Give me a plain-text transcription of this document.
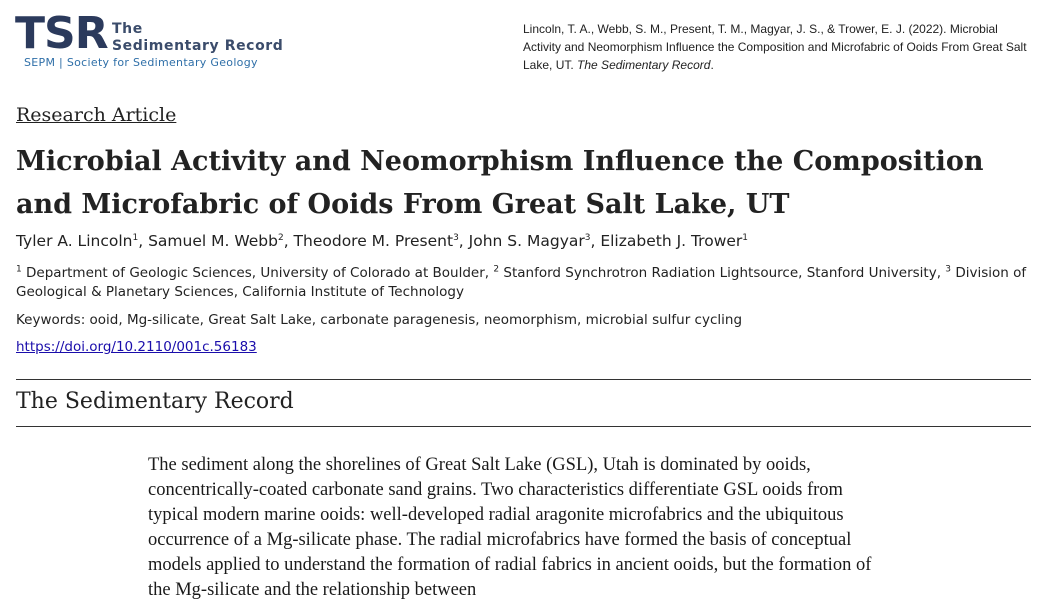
TSR The
Sedimentary Record
SEPM | Society for Sedimentary Geology
Lincoln, T. A., Webb, S. M., Present, T. M., Magyar, J. S., & Trower, E. J. (2022). Microbial Activity and Neomorphism Influence the Composition and Microfabric of Ooids From Great Salt Lake, UT. The Sedimentary Record.
Research Article
Microbial Activity and Neomorphism Influence the Composition and Microfabric of Ooids From Great Salt Lake, UT
Tyler A. Lincoln$^1$, Samuel M. Webb$^2$, Theodore M. Present$^3$, John S. Magyar$^3$, Elizabeth J. Trower$^1$
$^1$ Department of Geologic Sciences, University of Colorado at Boulder, $^2$ Stanford Synchrotron Radiation Lightsource, Stanford University, $^3$ Division of Geological & Planetary Sciences, California Institute of Technology
Keywords: ooid, Mg-silicate, Great Salt Lake, carbonate paragenesis, neomorphism, microbial sulfur cycling
https://doi.org/10.2110/001c.56183
The Sedimentary Record

The sediment along the shorelines of Great Salt Lake (GSL), Utah is dominated by ooids, concentrically-coated carbonate sand grains. Two characteristics differentiate GSL ooids from typical modern marine ooids: well-developed radial aragonite microfabrics and the ubiquitous occurrence of a Mg-silicate phase. The radial microfabrics have formed the basis of conceptual models applied to understand the formation of radial fabrics in ancient ooids, but the formation of the Mg-silicate and the relationship between
